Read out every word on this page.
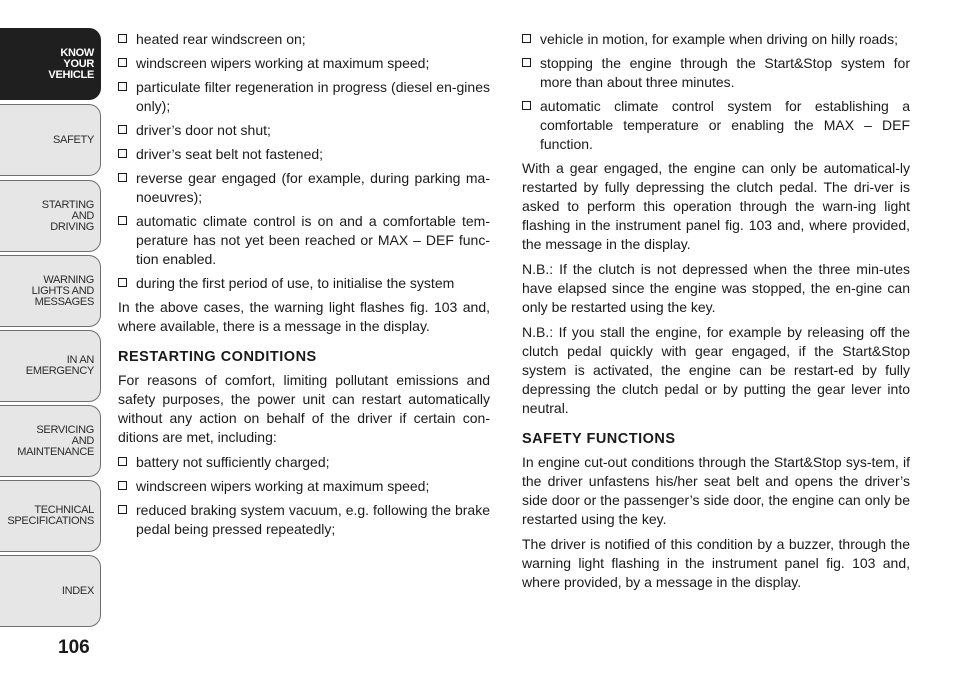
KNOW
YOUR
VEHICLE
SAFETY
STARTING
AND
DRIVING
WARNING
LIGHTS AND
MESSAGES
IN AN
EMERGENCY
SERVICING
AND
MAINTENANCE
TECHNICAL
SPECIFICATIONS
INDEX
106
heated rear windscreen on;
windscreen wipers working at maximum speed;
particulate filter regeneration in progress (diesel en-gines only);
driver’s door not shut;
driver’s seat belt not fastened;
reverse gear engaged (for example, during parking ma-noeuvres);
automatic climate control is on and a comfortable tem-perature has not yet been reached or MAX – DEF func-tion enabled.
during the first period of use, to initialise the system

In the above cases, the warning light flashes fig. 103 and, where available, there is a message in the display.

RESTARTING CONDITIONS

For reasons of comfort, limiting pollutant emissions and safety purposes, the power unit can restart automatically without any action on behalf of the driver if certain con-ditions are met, including:

battery not sufficiently charged;
windscreen wipers working at maximum speed;
reduced braking system vacuum, e.g. following the brake pedal being pressed repeatedly;
vehicle in motion, for example when driving on hilly roads;
stopping the engine through the Start&Stop system for more than about three minutes.
automatic climate control system for establishing a comfortable temperature or enabling the MAX – DEF function.

With a gear engaged, the engine can only be automatical-ly restarted by fully depressing the clutch pedal. The dri-ver is asked to perform this operation through the warn-ing light flashing in the instrument panel fig. 103 and, where provided, the message in the display.

N.B.: If the clutch is not depressed when the three min-utes have elapsed since the engine was stopped, the en-gine can only be restarted using the key.

N.B.: If you stall the engine, for example by releasing off the clutch pedal quickly with gear engaged, if the Start&Stop system is activated, the engine can be restart-ed by fully depressing the clutch pedal or by putting the gear lever into neutral.

SAFETY FUNCTIONS

In engine cut-out conditions through the Start&Stop sys-tem, if the driver unfastens his/her seat belt and opens the driver’s side door or the passenger’s side door, the engine can only be restarted using the key.

The driver is notified of this condition by a buzzer, through the warning light flashing in the instrument panel fig. 103 and, where provided, by a message in the display.
